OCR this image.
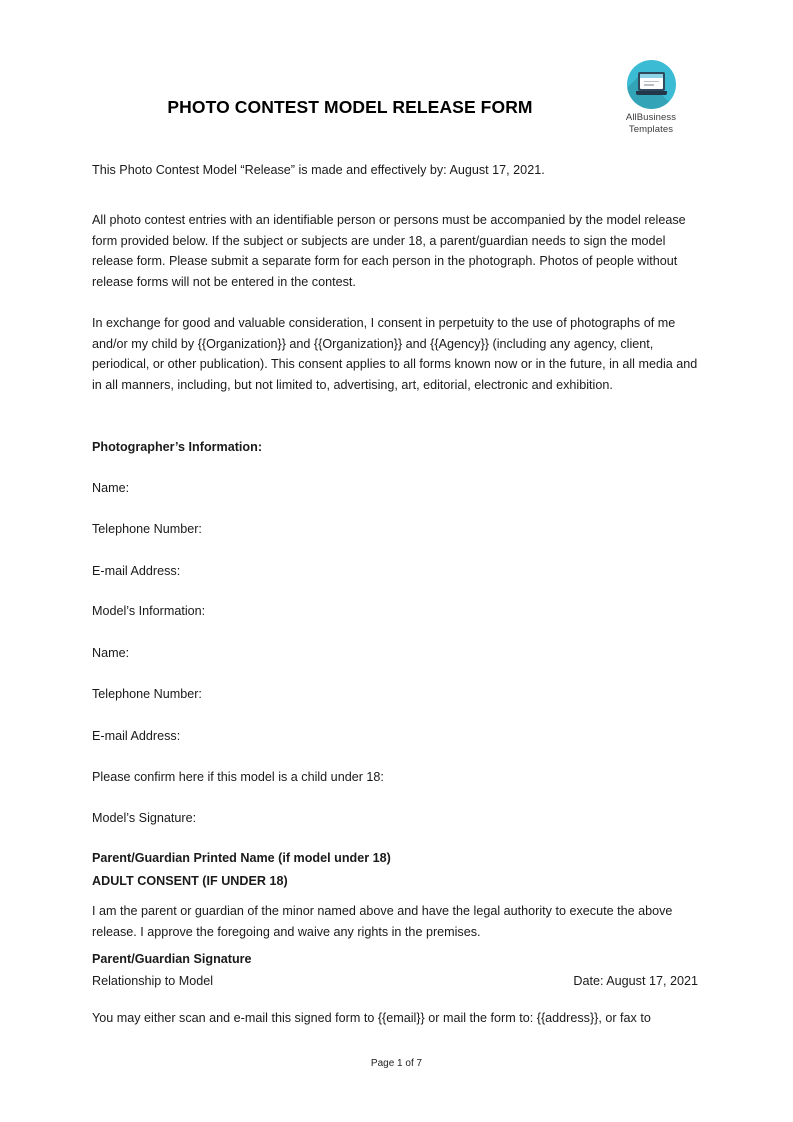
AllBusiness
Templates
PHOTO CONTEST MODEL RELEASE FORM
This Photo Contest Model “Release” is made and effectively by: August 17, 2021.
All photo contest entries with an identifiable person or persons must be accompanied by the model release form provided below. If the subject or subjects are under 18, a parent/guardian needs to sign the model release form. Please submit a separate form for each person in the photograph. Photos of people without release forms will not be entered in the contest.
In exchange for good and valuable consideration, I consent in perpetuity to the use of photographs of me and/or my child by {{Organization}} and {{Organization}} and {{Agency}} (including any agency, client, periodical, or other publication). This consent applies to all forms known now or in the future, in all media and in all manners, including, but not limited to, advertising, art, editorial, electronic and exhibition.
Photographer’s Information:
Name:
Telephone Number:
E-mail Address:
Model’s Information:
Name:
Telephone Number:
E-mail Address:
Please confirm here if this model is a child under 18:
Model’s Signature:
Parent/Guardian Printed Name (if model under 18)
ADULT CONSENT (IF UNDER 18)
I am the parent or guardian of the minor named above and have the legal authority to execute the above release. I approve the foregoing and waive any rights in the premises.
Parent/Guardian Signature
Relationship to Model	Date: August 17, 2021
You may either scan and e-mail this signed form to {{email}} or mail the form to: {{address}}, or fax to
Page 1 of 7
